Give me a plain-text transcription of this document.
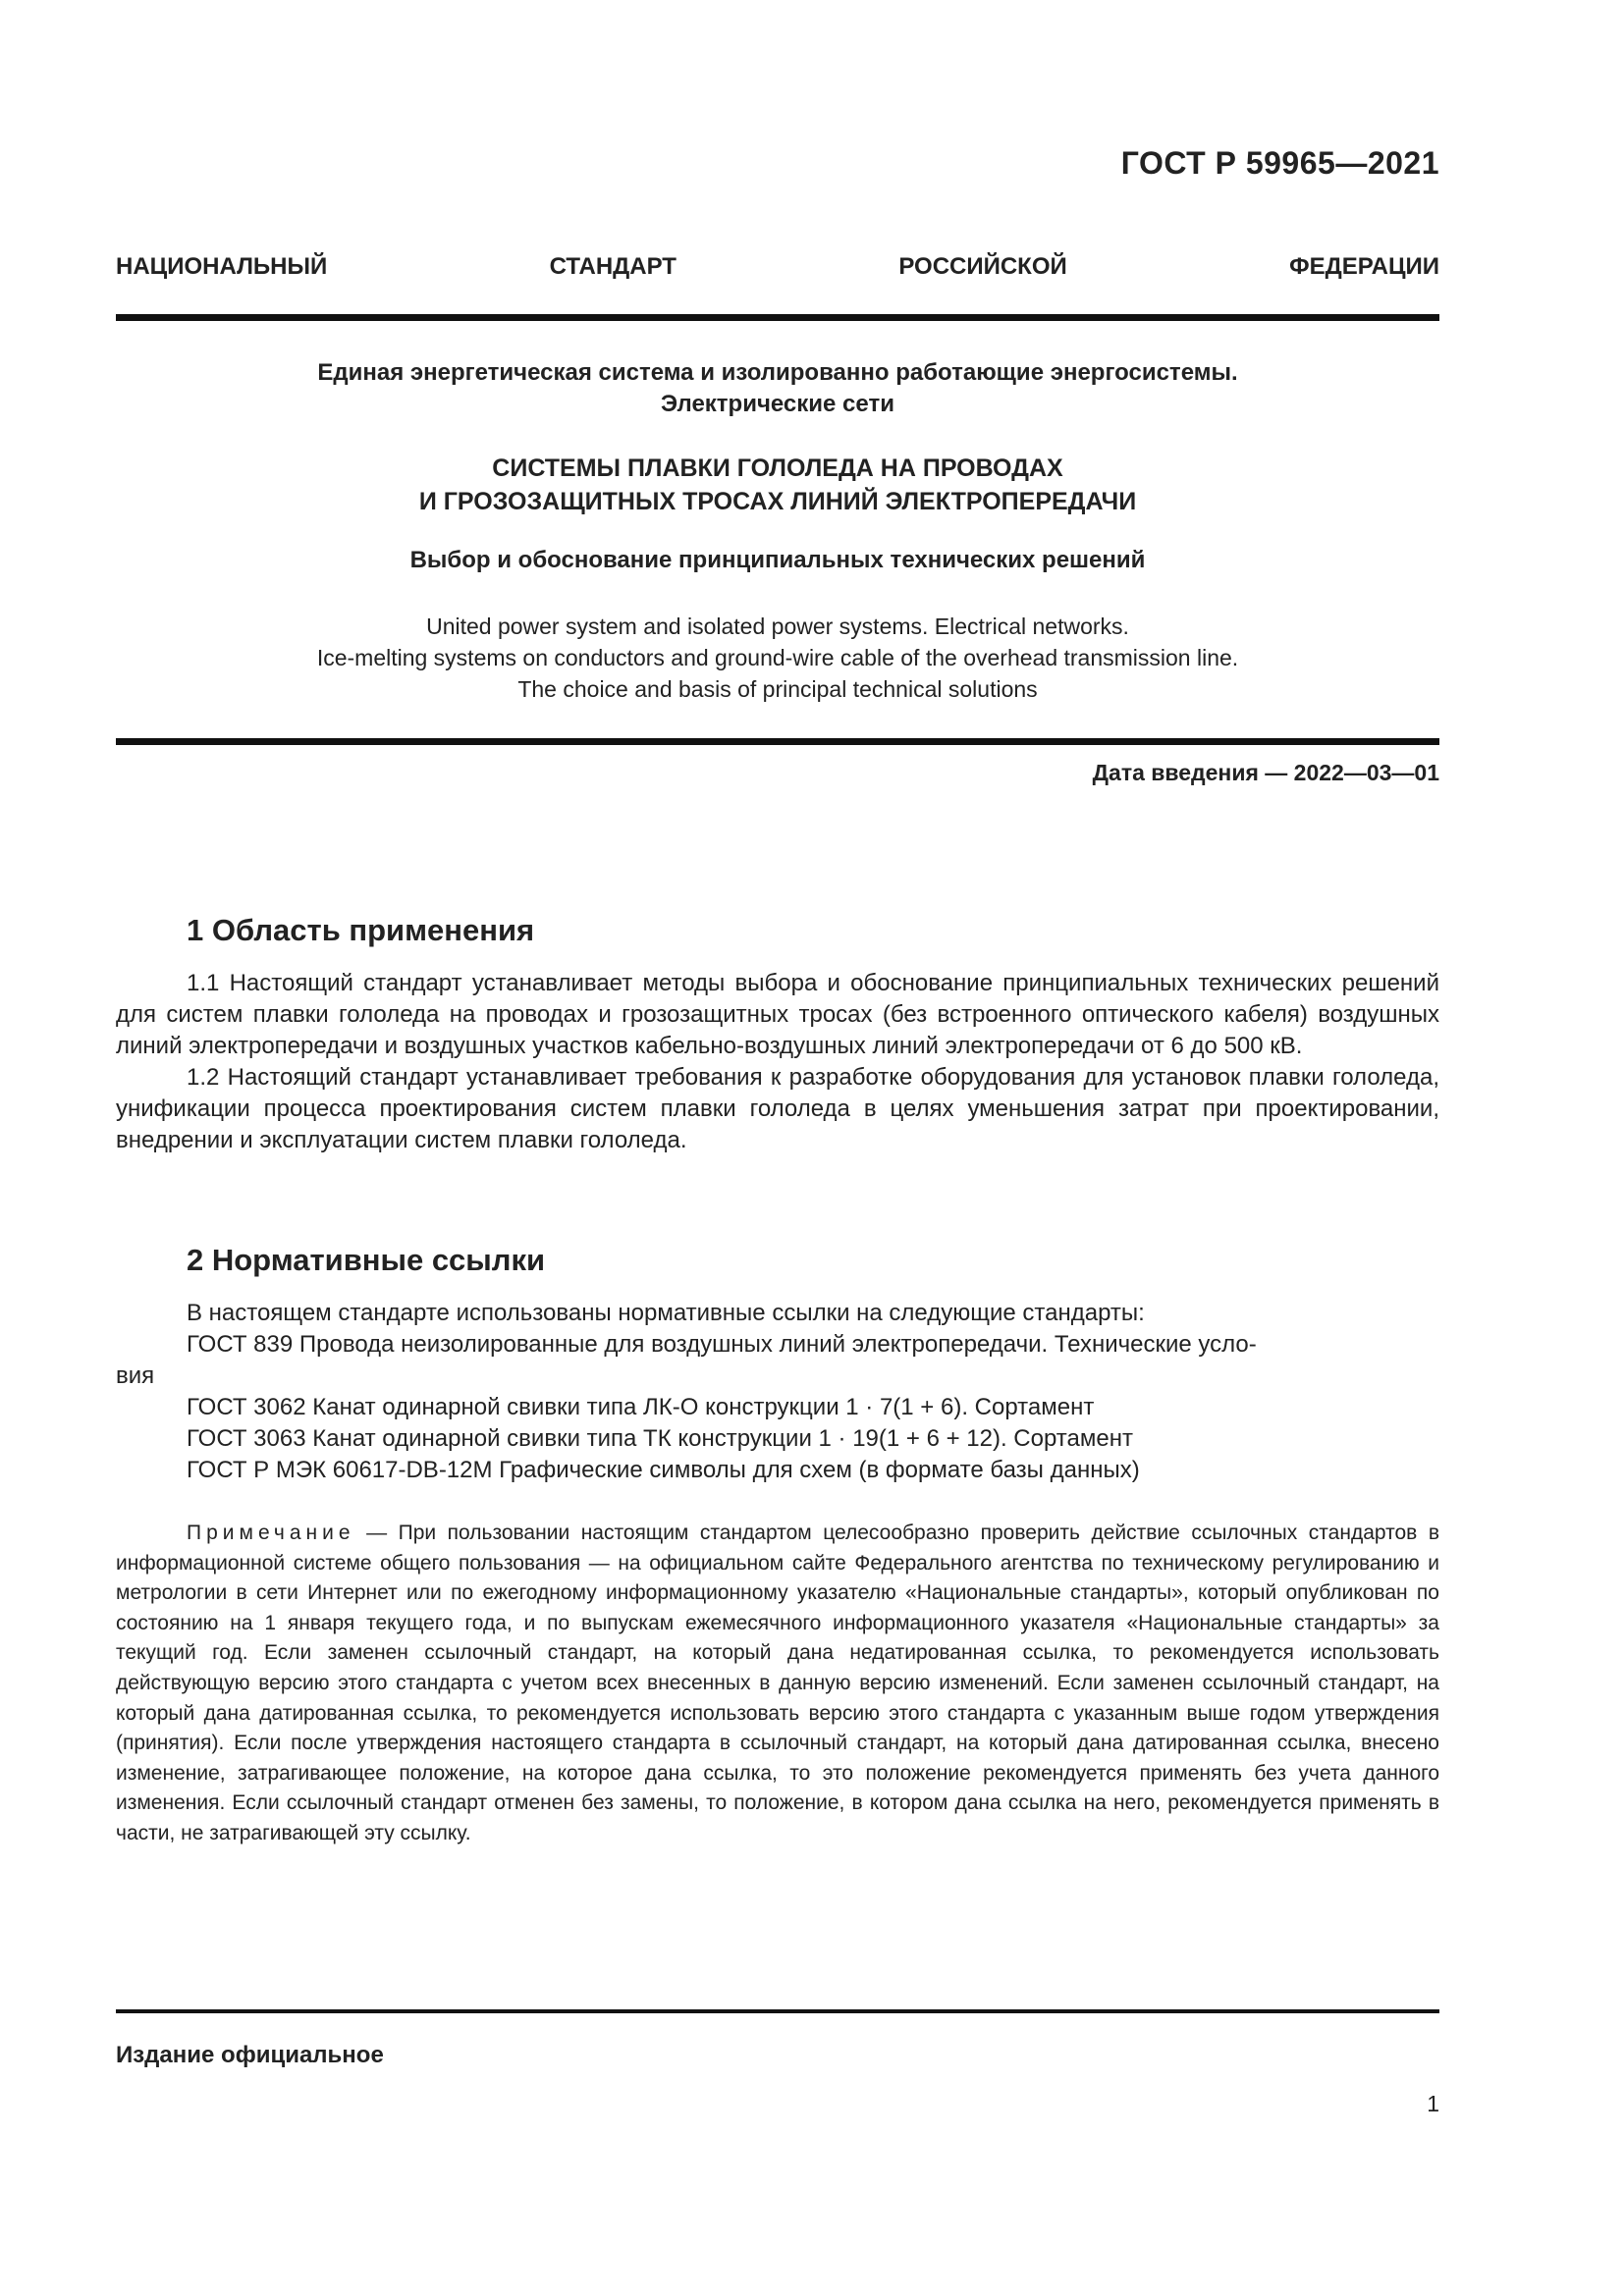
ГОСТ Р 59965—2021
НАЦИОНАЛЬНЫЙ СТАНДАРТ РОССИЙСКОЙ ФЕДЕРАЦИИ
Единая энергетическая система и изолированно работающие энергосистемы.
Электрические сети
СИСТЕМЫ ПЛАВКИ ГОЛОЛЕДА НА ПРОВОДАХ
И ГРОЗОЗАЩИТНЫХ ТРОСАХ ЛИНИЙ ЭЛЕКТРОПЕРЕДАЧИ
Выбор и обоснование принципиальных технических решений
United power system and isolated power systems. Electrical networks.
Ice-melting systems on conductors and ground-wire cable of the overhead transmission line.
The choice and basis of principal technical solutions
Дата введения — 2022—03—01
1 Область применения

1.1 Настоящий стандарт устанавливает методы выбора и обоснование принципиальных технических решений для систем плавки гололеда на проводах и грозозащитных тросах (без встроенного оптического кабеля) воздушных линий электропередачи и воздушных участков кабельно-воздушных линий электропередачи от 6 до 500 кВ.

1.2 Настоящий стандарт устанавливает требования к разработке оборудования для установок плавки гололеда, унификации процесса проектирования систем плавки гололеда в целях уменьшения затрат при проектировании, внедрении и эксплуатации систем плавки гололеда.

2 Нормативные ссылки

В настоящем стандарте использованы нормативные ссылки на следующие стандарты:

ГОСТ 839 Провода неизолированные для воздушных линий электропередачи. Технические усло-

вия

ГОСТ 3062 Канат одинарной свивки типа ЛК-О конструкции 1 · 7(1 + 6). Сортамент

ГОСТ 3063 Канат одинарной свивки типа ТК конструкции 1 · 19(1 + 6 + 12). Сортамент

ГОСТ Р МЭК 60617-DB-12M Графические символы для схем (в формате базы данных)

Примечание — При пользовании настоящим стандартом целесообразно проверить действие ссылочных стандартов в информационной системе общего пользования — на официальном сайте Федерального агентства по техническому регулированию и метрологии в сети Интернет или по ежегодному информационному указателю «Национальные стандарты», который опубликован по состоянию на 1 января текущего года, и по выпускам ежемесячного информационного указателя «Национальные стандарты» за текущий год. Если заменен ссылочный стандарт, на который дана недатированная ссылка, то рекомендуется использовать действующую версию этого стандарта с учетом всех внесенных в данную версию изменений. Если заменен ссылочный стандарт, на который дана датированная ссылка, то рекомендуется использовать версию этого стандарта с указанным выше годом утверждения (принятия). Если после утверждения настоящего стандарта в ссылочный стандарт, на который дана датированная ссылка, внесено изменение, затрагивающее положение, на которое дана ссылка, то это положение рекомендуется применять без учета данного изменения. Если ссылочный стандарт отменен без замены, то положение, в котором дана ссылка на него, рекомендуется применять в части, не затрагивающей эту ссылку.

Издание официальное
1
